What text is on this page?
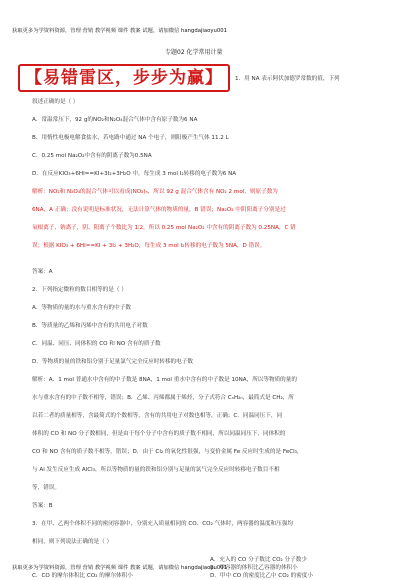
获取更多为学资料资源，管理 营销 教学视频 课件 教案 试题，请加微信 hangdajiaoyu001
专题02 化学常用计量
【易错雷区，步步为赢】	1．用 NA 表示阿伏加德罗常数的值，下列
叙述正确的是（ ）
A．常温常压下，92 g的NO₂和N₂O₄混合气体中含有原子数为6 NA
B．用惰性电极电解食盐水，若电路中通过 NA 个电子，则阳极产生气体 11.2 L
C．0.25 mol Na₂O₂中含有的阴离子数为0.5NA
D．在反应KIO₃+6HI==KI+3I₂+3H₂O 中，每生成 3 mol I₂转移的电子数为6 NA
解析：NO₂和 N₂O₄的混合气体可以看成(NO₂)ₙ，所以 92 g 混合气体含有 NO₂ 2 mol，则原子数为
6NA，A 正确；没有说明是标准状况，无法计算气体的物质的量，B 错误；Na₂O₂ 中阴阳离子分别是过
氧根离子、钠离子，阴、阳离子个数比为 1∶2，所以 0.25 mol Na₂O₂ 中含有的阴离子数为 0.25NA，C 错
误；根据 KIO₃ + 6HI==KI + 3I₂ + 3H₂O，每生成 3 mol I₂转移的电子数为 5NA，D 错误。
答案：A
2．下列指定微粒的数目相等的是（ ）
A．等物质的量的水与重水含有的中子数
B．等质量的乙烯和丙烯中含有的共用电子对数
C．同温、同压、同体积的 CO 和 NO 含有的质子数
D．等物质的量的铁和铝分别于足量氯气完全反应时转移的电子数
解析：A．1 mol 普通水中含有的中子数是 8NA，1 mol 重水中含有的中子数是 10NA，所以等物质的量的
水与重水含有的中子数不相等，错误；B．乙烯、丙烯都属于烯烃，分子式符合 CₙH₂ₙ，最简式是 CH₂，所
以若二者的质量相等，含最简式的个数相等，含有的共用电子对数也相等，正确；C．同温同压下，同
体积的 CO 和 NO 分子数相同，但是由于每个分子中含有的质子数不相同，所以同温同压下，同体积的
CO 和 NO 含有的质子数不相等，错误；D．由于 Cl₂ 的氧化性很强，与变价金属 Fe 反应时生成的是 FeCl₃，
与 Al 发生反应生成 AlCl₃，所以等物质的量的铁和铝分别与足量的氯气完全反应时转移电子数目不相
等，错误。
答案：B
3．在甲、乙两个体积不同的密闭容器中，分别充入质量相同的 CO、CO₂ 气体时，两容器的温度和压强均
相同，则下列说法正确的是（ ）
A．充入的 CO 分子数比 CO₂ 分子数少
B．甲容器的体积比乙容器的体积小
C．CO 的摩尔体积比 CO₂ 的摩尔体积小	D．甲中 CO 的密度比乙中 CO₂ 的密度小
获取更多为学资料资源，管理 营销 教学视频 课件 教案 试题，请加微信 hangdajiaoyu001
